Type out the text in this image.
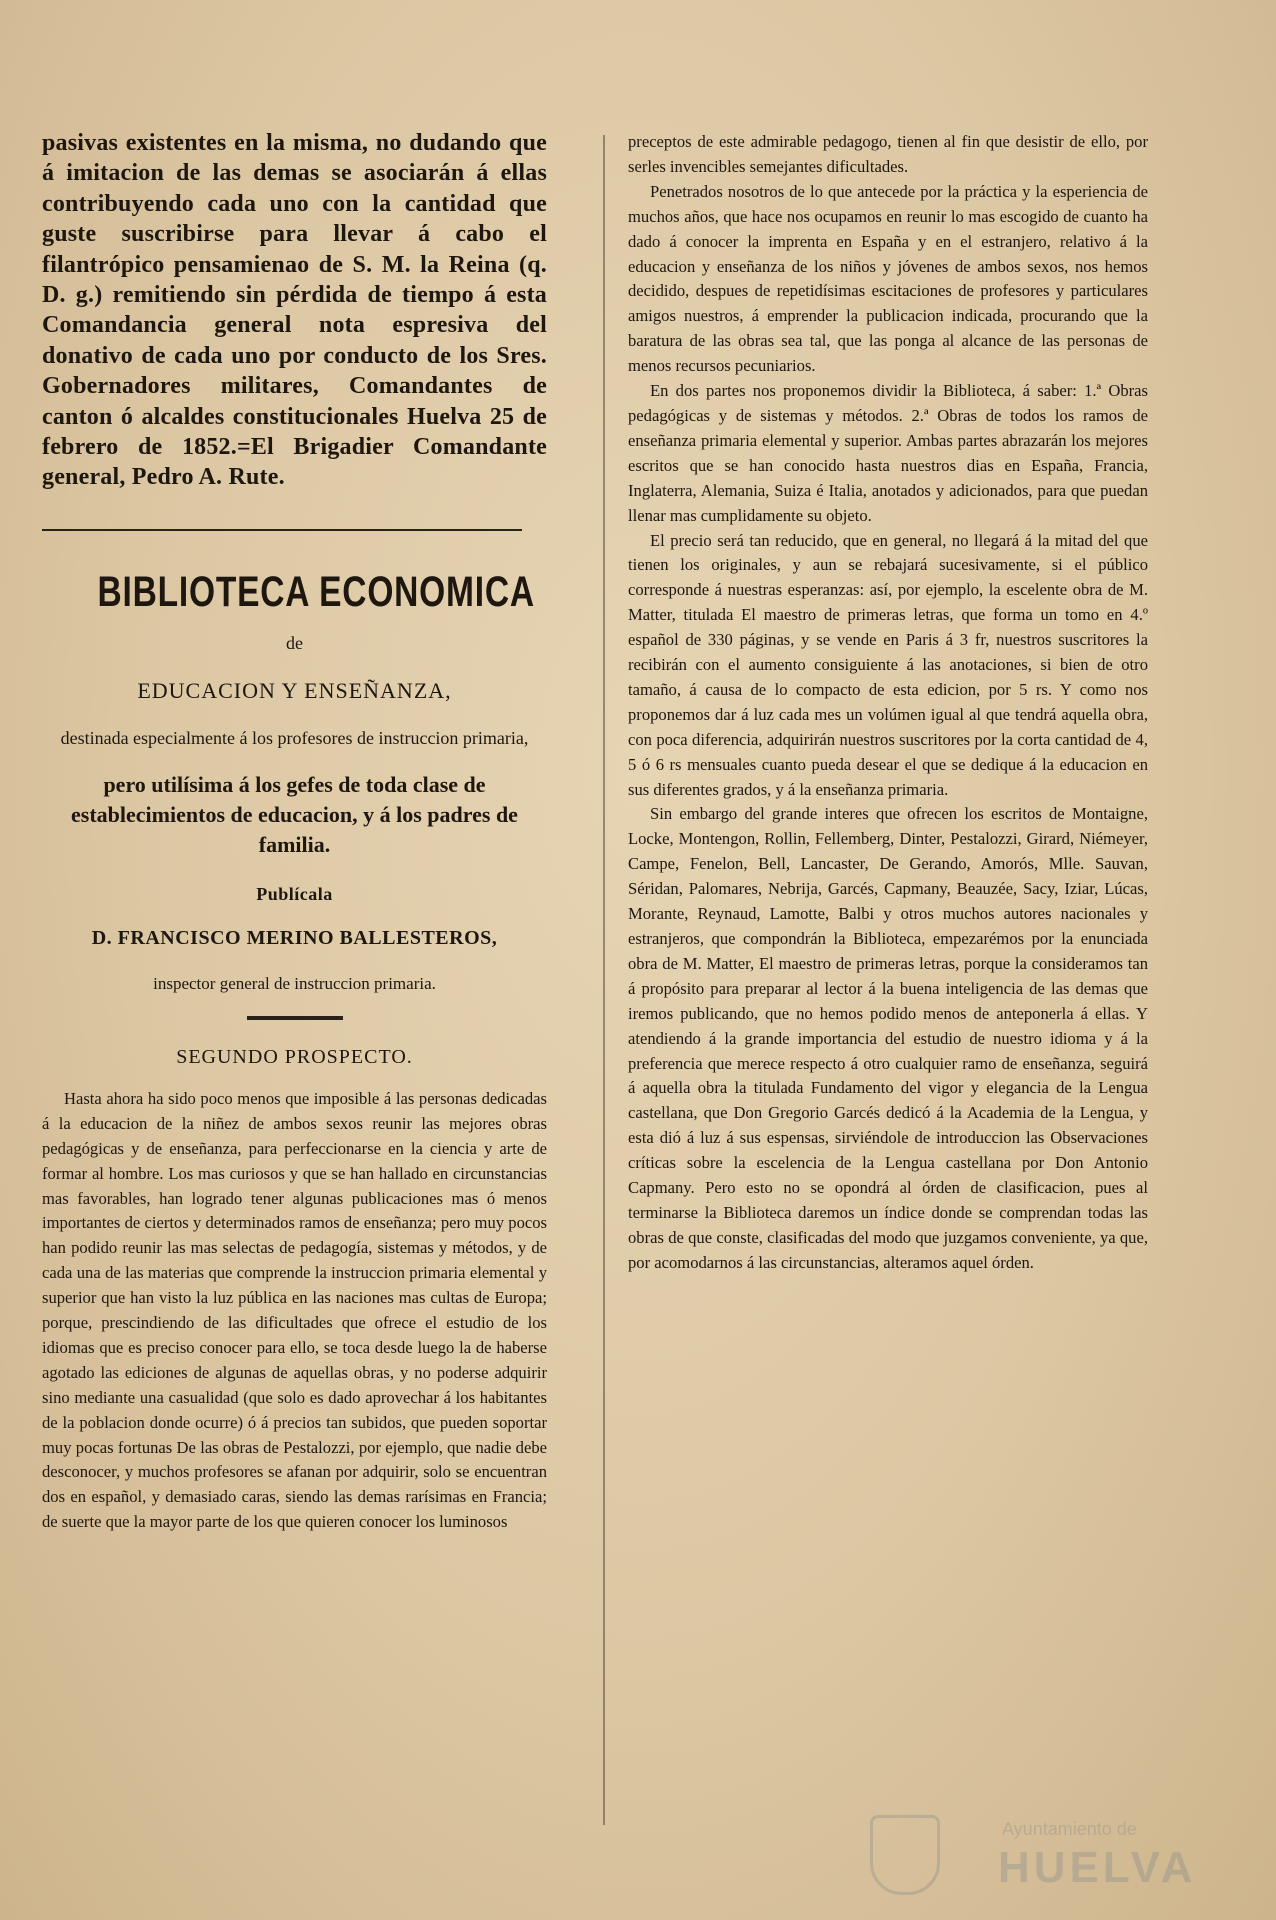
pasivas existentes en la misma, no dudando que á imitacion de las demas se asociarán á ellas contribuyendo cada uno con la cantidad que guste suscribirse para llevar á cabo el filantrópico pensamienao de S. M. la Reina (q. D. g.) remitiendo sin pérdida de tiempo á esta Comandancia general nota espresiva del donativo de cada uno por conducto de los Sres. Gobernadores militares, Comandantes de canton ó alcaldes constitucionales Huelva 25 de febrero de 1852.=El Brigadier Comandante general, Pedro A. Rute.

BIBLIOTECA ECONOMICA
de
EDUCACION Y ENSEÑANZA,
destinada especialmente á los profesores de instruccion primaria,
pero utilísima á los gefes de toda clase de establecimientos de educacion, y á los padres de familia.
Publícala
D. FRANCISCO MERINO BALLESTEROS,
inspector general de instruccion primaria.
SEGUNDO PROSPECTO.

Hasta ahora ha sido poco menos que imposible á las personas dedicadas á la educacion de la niñez de ambos sexos reunir las mejores obras pedagógicas y de enseñanza, para perfeccionarse en la ciencia y arte de formar al hombre. Los mas curiosos y que se han hallado en circunstancias mas favorables, han logrado tener algunas publicaciones mas ó menos importantes de ciertos y determinados ramos de enseñanza; pero muy pocos han podido reunir las mas selectas de pedagogía, sistemas y métodos, y de cada una de las materias que comprende la instruccion primaria elemental y superior que han visto la luz pública en las naciones mas cultas de Europa; porque, prescindiendo de las dificultades que ofrece el estudio de los idiomas que es preciso conocer para ello, se toca desde luego la de haberse agotado las ediciones de algunas de aquellas obras, y no poderse adquirir sino mediante una casualidad (que solo es dado aprovechar á los habitantes de la poblacion donde ocurre) ó á precios tan subidos, que pueden soportar muy pocas fortunas De las obras de Pestalozzi, por ejemplo, que nadie debe desconocer, y muchos profesores se afanan por adquirir, solo se encuentran dos en español, y demasiado caras, siendo las demas rarísimas en Francia; de suerte que la mayor parte de los que quieren conocer los luminosos

preceptos de este admirable pedagogo, tienen al fin que desistir de ello, por serles invencibles semejantes dificultades.

Penetrados nosotros de lo que antecede por la práctica y la esperiencia de muchos años, que hace nos ocupamos en reunir lo mas escogido de cuanto ha dado á conocer la imprenta en España y en el estranjero, relativo á la educacion y enseñanza de los niños y jóvenes de ambos sexos, nos hemos decidido, despues de repetidísimas escitaciones de profesores y particulares amigos nuestros, á emprender la publicacion indicada, procurando que la baratura de las obras sea tal, que las ponga al alcance de las personas de menos recursos pecuniarios.

En dos partes nos proponemos dividir la Biblioteca, á saber: 1.ª Obras pedagógicas y de sistemas y métodos. 2.ª Obras de todos los ramos de enseñanza primaria elemental y superior. Ambas partes abrazarán los mejores escritos que se han conocido hasta nuestros dias en España, Francia, Inglaterra, Alemania, Suiza é Italia, anotados y adicionados, para que puedan llenar mas cumplidamente su objeto.

El precio será tan reducido, que en general, no llegará á la mitad del que tienen los originales, y aun se rebajará sucesivamente, si el público corresponde á nuestras esperanzas: así, por ejemplo, la escelente obra de M. Matter, titulada El maestro de primeras letras, que forma un tomo en 4.º español de 330 páginas, y se vende en Paris á 3 fr, nuestros suscritores la recibirán con el aumento consiguiente á las anotaciones, si bien de otro tamaño, á causa de lo compacto de esta edicion, por 5 rs. Y como nos proponemos dar á luz cada mes un volúmen igual al que tendrá aquella obra, con poca diferencia, adquirirán nuestros suscritores por la corta cantidad de 4, 5 ó 6 rs mensuales cuanto pueda desear el que se dedique á la educacion en sus diferentes grados, y á la enseñanza primaria.

Sin embargo del grande interes que ofrecen los escritos de Montaigne, Locke, Montengon, Rollin, Fellemberg, Dinter, Pestalozzi, Girard, Niémeyer, Campe, Fenelon, Bell, Lancaster, De Gerando, Amorós, Mlle. Sauvan, Séridan, Palomares, Nebrija, Garcés, Capmany, Beauzée, Sacy, Iziar, Lúcas, Morante, Reynaud, Lamotte, Balbi y otros muchos autores nacionales y estranjeros, que compondrán la Biblioteca, empezarémos por la enunciada obra de M. Matter, El maestro de primeras letras, porque la consideramos tan á propósito para preparar al lector á la buena inteligencia de las demas que iremos publicando, que no hemos podido menos de anteponerla á ellas. Y atendiendo á la grande importancia del estudio de nuestro idioma y á la preferencia que merece respecto á otro cualquier ramo de enseñanza, seguirá á aquella obra la titulada Fundamento del vigor y elegancia de la Lengua castellana, que Don Gregorio Garcés dedicó á la Academia de la Lengua, y esta dió á luz á sus espensas, sirviéndole de introduccion las Observaciones críticas sobre la escelencia de la Lengua castellana por Don Antonio Capmany. Pero esto no se opondrá al órden de clasificacion, pues al terminarse la Biblioteca daremos un índice donde se comprendan todas las obras de que conste, clasificadas del modo que juzgamos conveniente, ya que, por acomodarnos á las circunstancias, alteramos aquel órden.

Ayuntamiento de
HUELVA
